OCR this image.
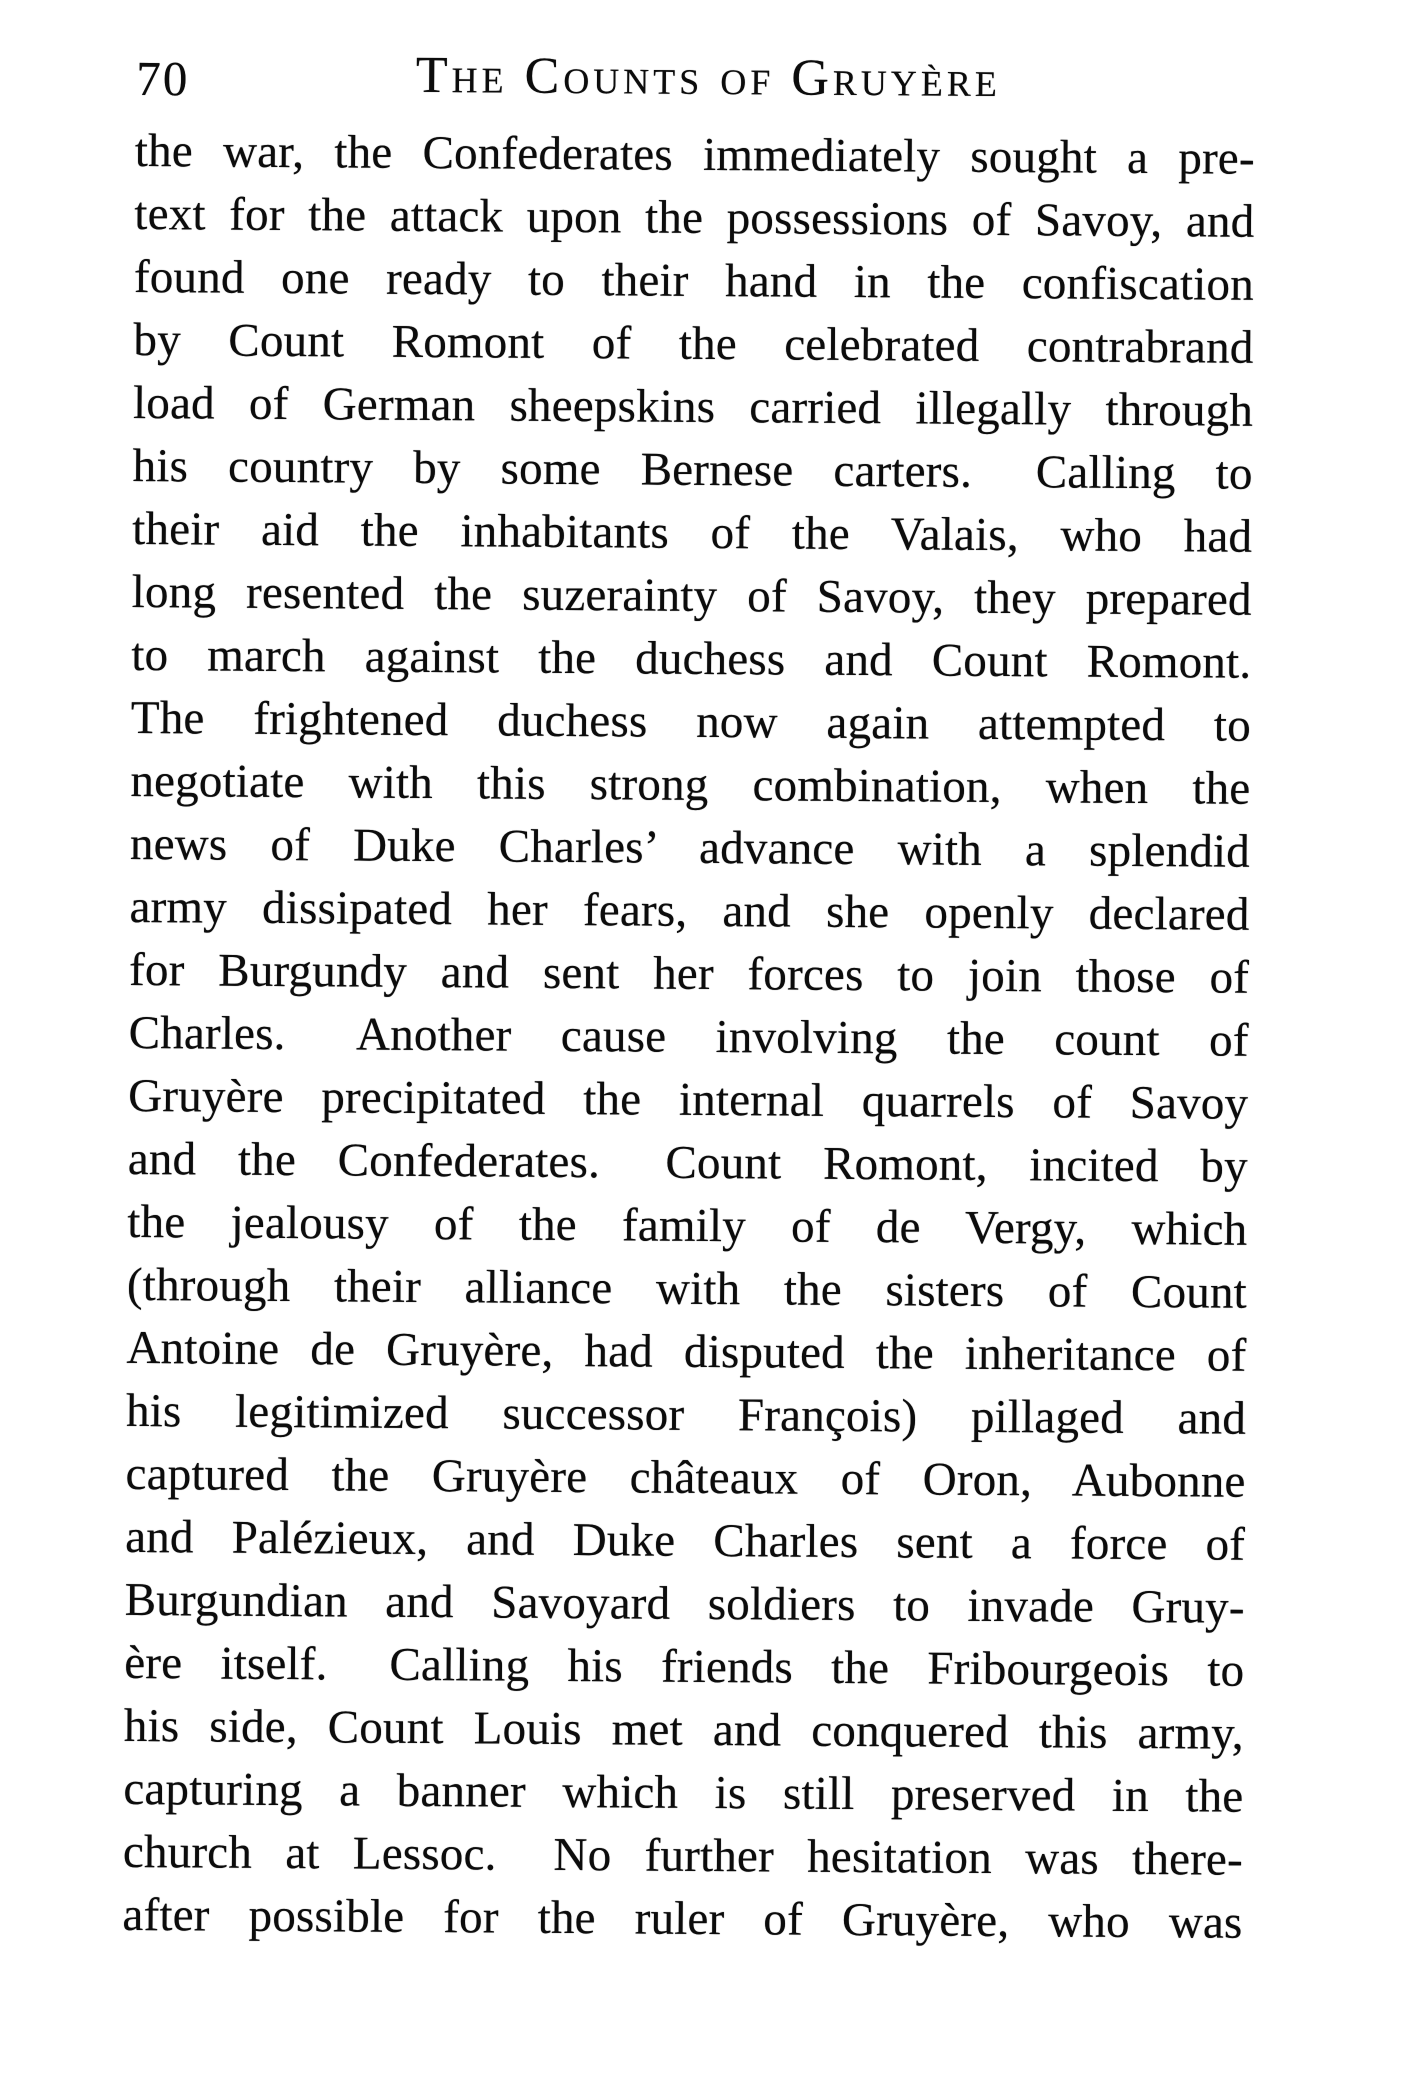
70	The Counts of Gruyère
the war, the Confederates immediately sought a pre-
text for the attack upon the possessions of Savoy, and
found one ready to their hand in the confiscation
by Count Romont of the celebrated contrabrand
load of German sheepskins carried illegally through
his country by some Bernese carters.  Calling to
their aid the inhabitants of the Valais, who had
long resented the suzerainty of Savoy, they prepared
to march against the duchess and Count Romont.
The frightened duchess now again attempted to
negotiate with this strong combination, when the
news of Duke Charles’ advance with a splendid
army dissipated her fears, and she openly declared
for Burgundy and sent her forces to join those of
Charles.  Another cause involving the count of
Gruyère precipitated the internal quarrels of Savoy
and the Confederates.  Count Romont, incited by
the jealousy of the family of de Vergy, which
(through their alliance with the sisters of Count
Antoine de Gruyère, had disputed the inheritance of
his legitimized successor François) pillaged and
captured the Gruyère châteaux of Oron, Aubonne
and Palézieux, and Duke Charles sent a force of
Burgundian and Savoyard soldiers to invade Gruy-
ère itself.  Calling his friends the Fribourgeois to
his side, Count Louis met and conquered this army,
capturing a banner which is still preserved in the
church at Lessoc.  No further hesitation was there-
after possible for the ruler of Gruyère, who was
